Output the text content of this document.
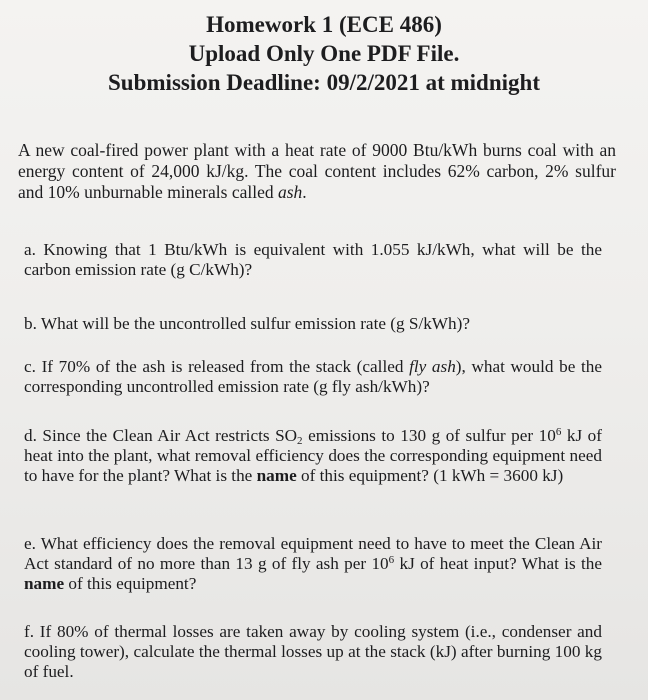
Homework 1 (ECE 486)
Upload Only One PDF File.
Submission Deadline: 09/2/2021 at midnight

A new coal-fired power plant with a heat rate of 9000 Btu/kWh burns coal with an energy content of 24,000 kJ/kg. The coal content includes 62% carbon, 2% sulfur and 10% unburnable minerals called ash.

a. Knowing that 1 Btu/kWh is equivalent with 1.055 kJ/kWh, what will be the carbon emission rate (g C/kWh)?

b. What will be the uncontrolled sulfur emission rate (g S/kWh)?

c. If 70% of the ash is released from the stack (called fly ash), what would be the corresponding uncontrolled emission rate (g fly ash/kWh)?

d. Since the Clean Air Act restricts $SO_2$ emissions to 130 g of sulfur per $10^6$ kJ of heat into the plant, what removal efficiency does the corresponding equipment need to have for the plant? What is the name of this equipment? (1 kWh = 3600 kJ)

e. What efficiency does the removal equipment need to have to meet the Clean Air Act standard of no more than 13 g of fly ash per $10^6$ kJ of heat input? What is the name of this equipment?

f. If 80% of thermal losses are taken away by cooling system (i.e., condenser and cooling tower), calculate the thermal losses up at the stack (kJ) after burning 100 kg of fuel.
